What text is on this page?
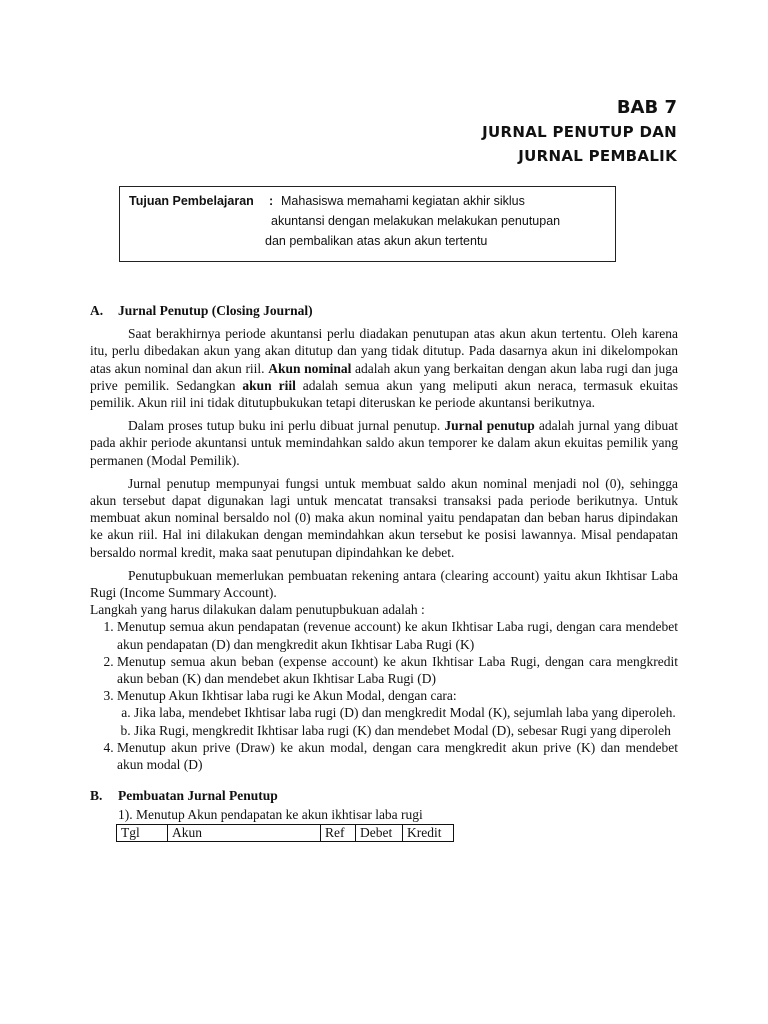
BAB 7
JURNAL PENUTUP DAN
JURNAL PEMBALIK
Tujuan Pembelajaran : Mahasiswa memahami kegiatan akhir siklus
akuntansi dengan melakukan melakukan penutupan
dan pembalikan atas akun akun tertentu
A. Jurnal Penutup (Closing Journal)

Saat berakhirnya periode akuntansi perlu diadakan penutupan atas akun akun tertentu. Oleh karena itu, perlu dibedakan akun yang akan ditutup dan yang tidak ditutup. Pada dasarnya akun ini dikelompokan atas akun nominal dan akun riil. Akun nominal adalah akun yang berkaitan dengan akun laba rugi dan juga prive pemilik. Sedangkan akun riil adalah semua akun yang meliputi akun neraca, termasuk ekuitas pemilik. Akun riil ini tidak ditutupbukukan tetapi diteruskan ke periode akuntansi berikutnya.

Dalam proses tutup buku ini perlu dibuat jurnal penutup. Jurnal penutup adalah jurnal yang dibuat pada akhir periode akuntansi untuk memindahkan saldo akun temporer ke dalam akun ekuitas pemilik yang permanen (Modal Pemilik).

Jurnal penutup mempunyai fungsi untuk membuat saldo akun nominal menjadi nol (0), sehingga akun tersebut dapat digunakan lagi untuk mencatat transaksi transaksi pada periode berikutnya. Untuk membuat akun nominal bersaldo nol (0) maka akun nominal yaitu pendapatan dan beban harus dipindakan ke akun riil. Hal ini dilakukan dengan memindahkan akun tersebut ke posisi lawannya. Misal pendapatan bersaldo normal kredit, maka saat penutupan dipindahkan ke debet.

Penutupbukuan memerlukan pembuatan rekening antara (clearing account) yaitu akun Ikhtisar Laba Rugi (Income Summary Account).

Langkah yang harus dilakukan dalam penutupbukuan adalah :

1. Menutup semua akun pendapatan (revenue account) ke akun Ikhtisar Laba rugi, dengan cara mendebet akun pendapatan (D) dan mengkredit akun Ikhtisar Laba Rugi (K)
2. Menutup semua akun beban (expense account) ke akun Ikhtisar Laba Rugi, dengan cara mengkredit akun beban (K) dan mendebet akun Ikhtisar Laba Rugi (D)
3. Menutup Akun Ikhtisar laba rugi ke Akun Modal, dengan cara:
a. Jika laba, mendebet Ikhtisar laba rugi (D) dan mengkredit Modal (K), sejumlah laba yang diperoleh.
b. Jika Rugi, mengkredit Ikhtisar laba rugi (K) dan mendebet Modal (D), sebesar Rugi yang diperoleh
4. Menutup akun prive (Draw) ke akun modal, dengan cara mengkredit akun prive (K) dan mendebet akun modal (D)
B. Pembuatan Jurnal Penutup
1). Menutup Akun pendapatan ke akun ikhtisar laba rugi
Tgl	Akun	Ref	Debet	Kredit
